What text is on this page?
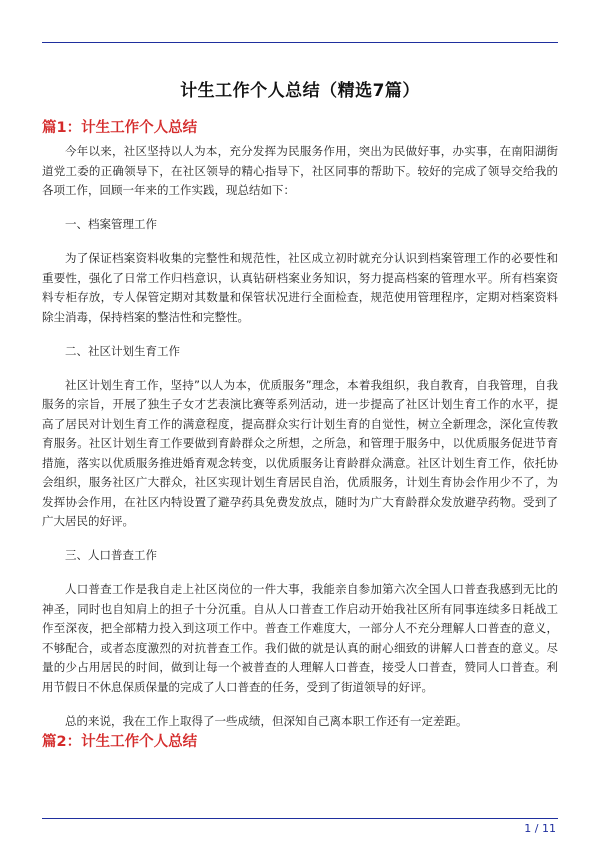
计生工作个人总结（精选7篇）
篇1：计生工作个人总结

今年以来，社区坚持以人为本，充分发挥为民服务作用，突出为民做好事，办实事，在南阳湖街道党工委的正确领导下，在社区领导的精心指导下，社区同事的帮助下。较好的完成了领导交给我的各项工作，回顾一年来的工作实践，现总结如下：

一、档案管理工作

为了保证档案资料收集的完整性和规范性，社区成立初时就充分认识到档案管理工作的必要性和重要性，强化了日常工作归档意识，认真钻研档案业务知识，努力提高档案的管理水平。所有档案资料专柜存放，专人保管定期对其数量和保管状况进行全面检查，规范使用管理程序，定期对档案资料除尘消毒，保持档案的整洁性和完整性。

二、社区计划生育工作

社区计划生育工作，坚持”以人为本，优质服务”理念，本着我组织，我自教育，自我管理，自我服务的宗旨，开展了独生子女才艺表演比赛等系列活动，进一步提高了社区计划生育工作的水平，提高了居民对计划生育工作的满意程度，提高群众实行计划生育的自觉性，树立全新理念，深化宣传教育服务。社区计划生育工作要做到育龄群众之所想，之所急，和管理于服务中，以优质服务促进节育措施，落实以优质服务推进婚育观念转变，以优质服务让育龄群众满意。社区计划生育工作，依托协会组织，服务社区广大群众，社区实现计划生育居民自治，优质服务，计划生育协会作用少不了，为发挥协会作用，在社区内特设置了避孕药具免费发放点，随时为广大育龄群众发放避孕药物。受到了广大居民的好评。

三、人口普查工作

人口普查工作是我自走上社区岗位的一件大事，我能亲自参加第六次全国人口普查我感到无比的神圣，同时也自知肩上的担子十分沉重。自从人口普查工作启动开始我社区所有同事连续多日耗战工作至深夜，把全部精力投入到这项工作中。普查工作难度大，一部分人不充分理解人口普查的意义，不够配合，或者态度激烈的对抗普查工作。我们做的就是认真的耐心细致的讲解人口普查的意义。尽量的少占用居民的时间，做到让每一个被普查的人理解人口普查，接受人口普查，赞同人口普查。利用节假日不休息保质保量的完成了人口普查的任务，受到了街道领导的好评。

总的来说，我在工作上取得了一些成绩，但深知自己离本职工作还有一定差距。

篇2：计生工作个人总结
1 / 11
